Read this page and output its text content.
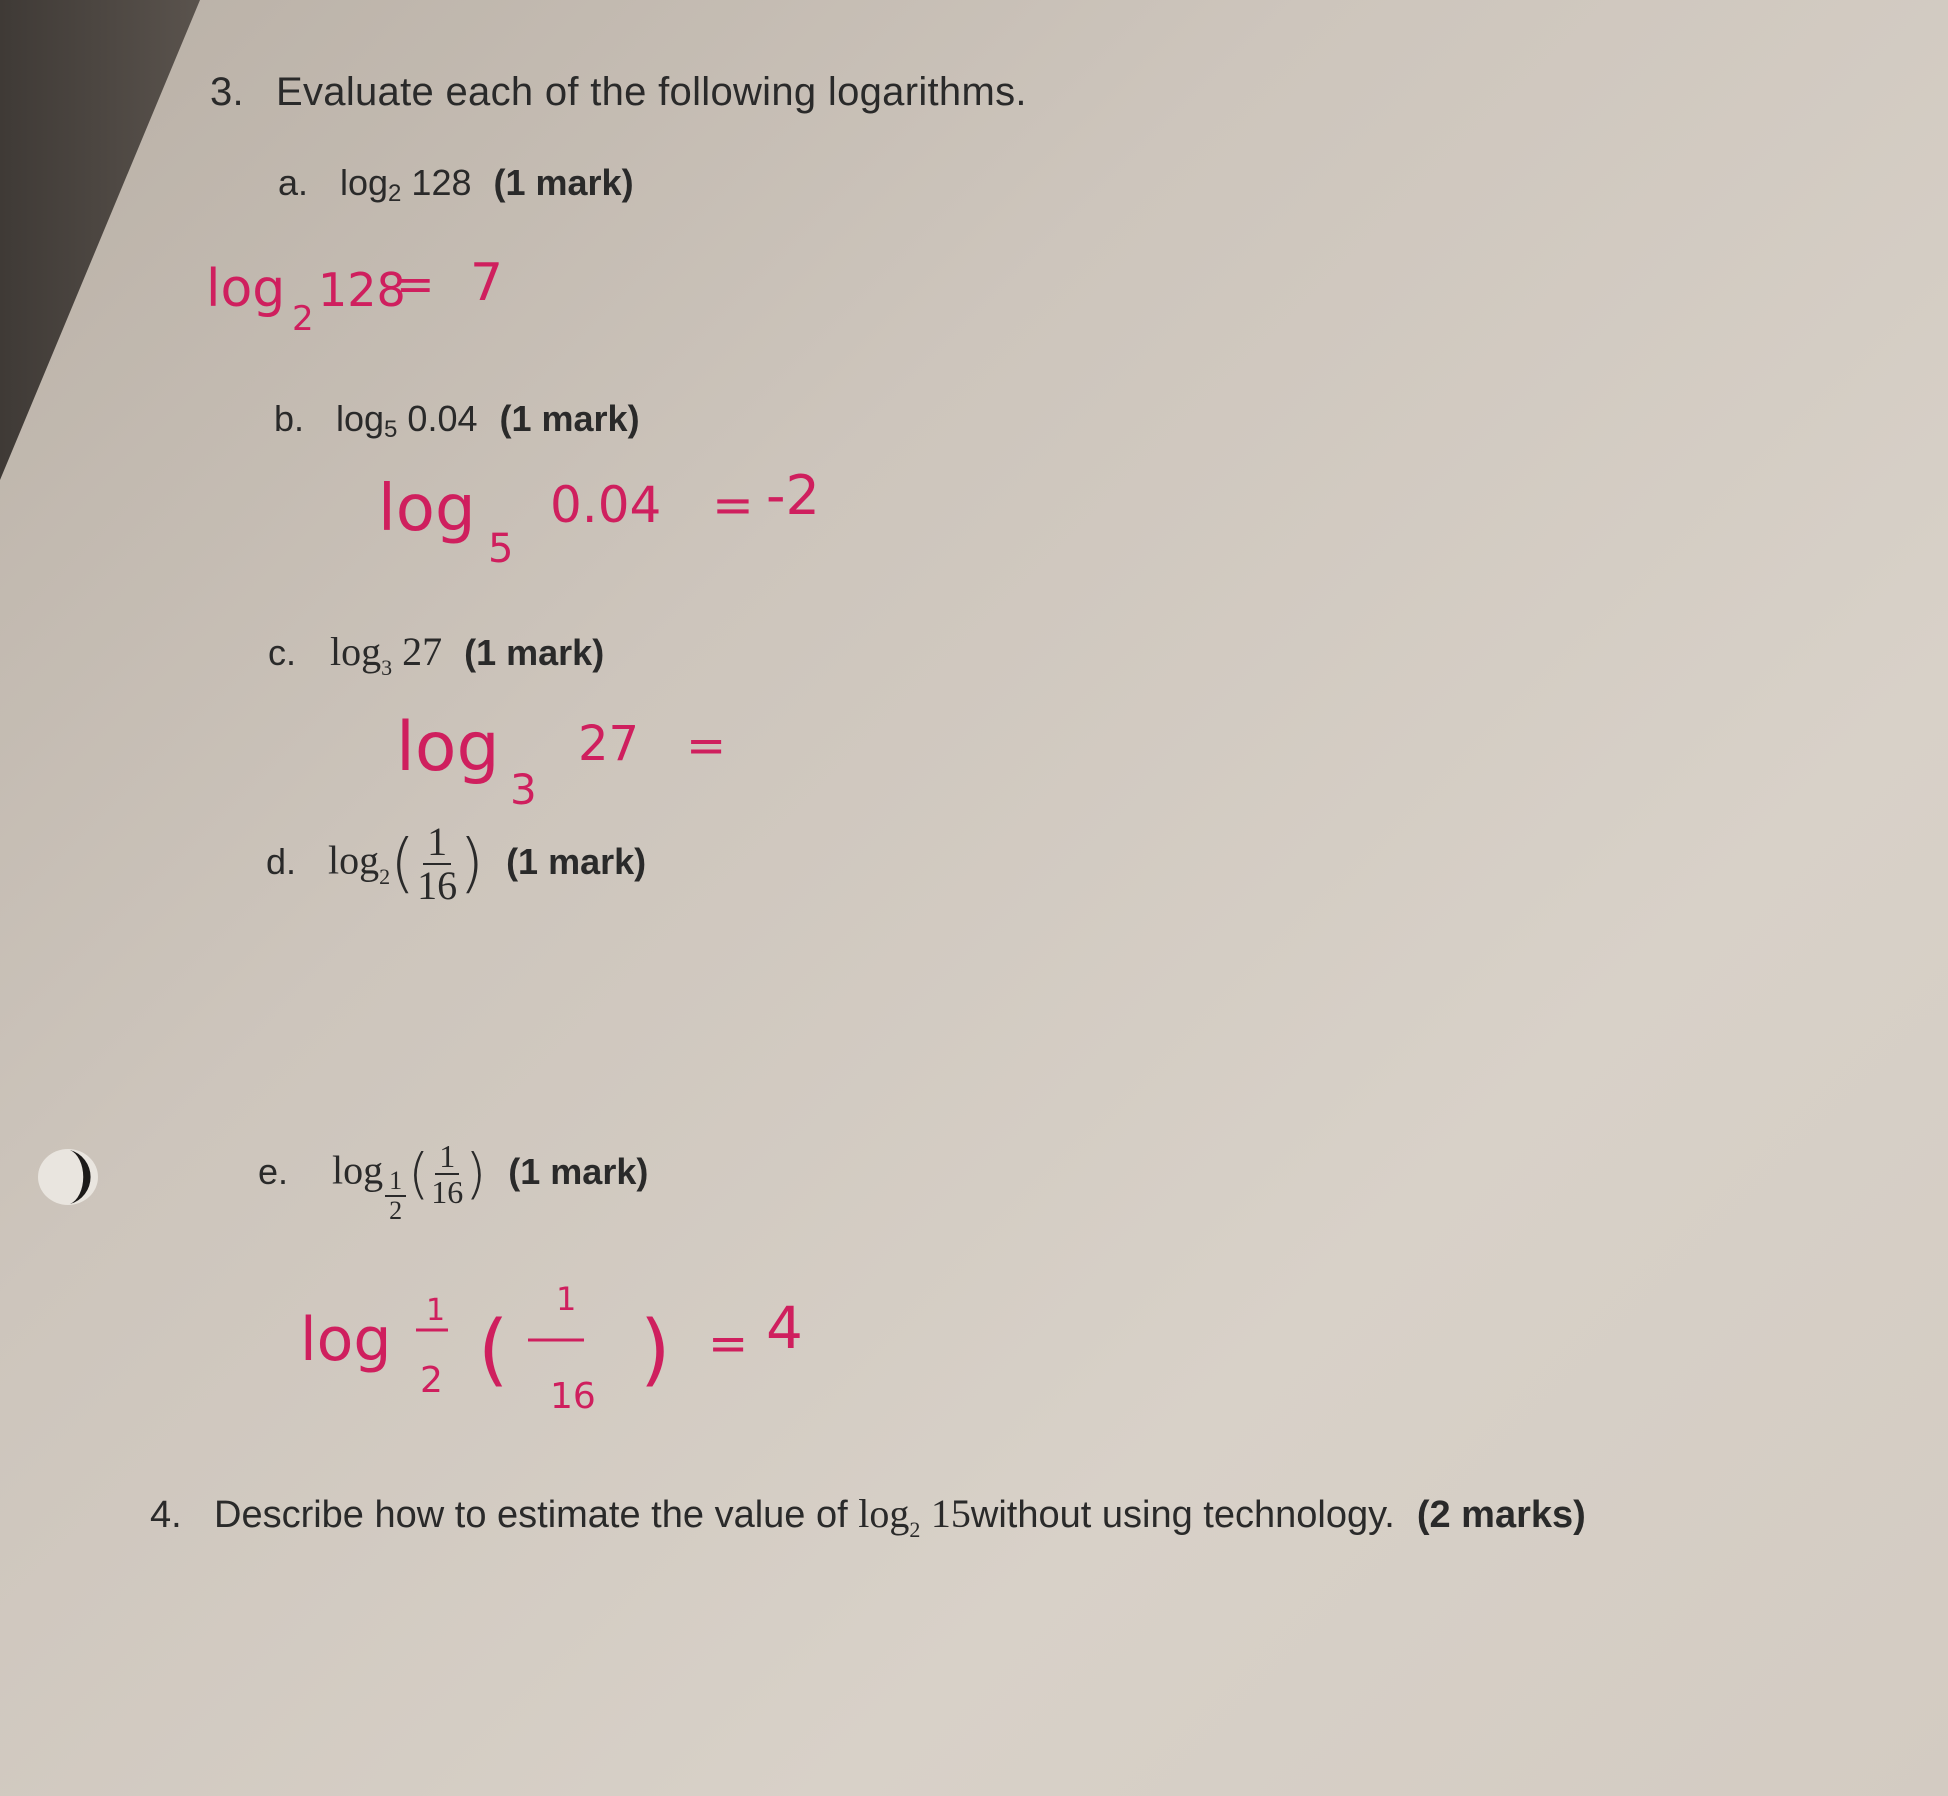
3. Evaluate each of the following logarithms.
a. log2 128 (1 mark)
b. log5 0.04 (1 mark)
c. $\log_3 27$ (1 mark)
d. $\log_2( \frac{1}{16}$ ) (1 mark)
e. $\log \frac{1}{2}$ ( $\frac{1}{16}$ ) (1 mark)
4. Describe how to estimate the value of $\log_2$ 15without using technology. (2 marks)
log 2
128
= 7
log
5
0.04 = -2
log
3
27 =
log 1
2 (
1
16
) = 4
